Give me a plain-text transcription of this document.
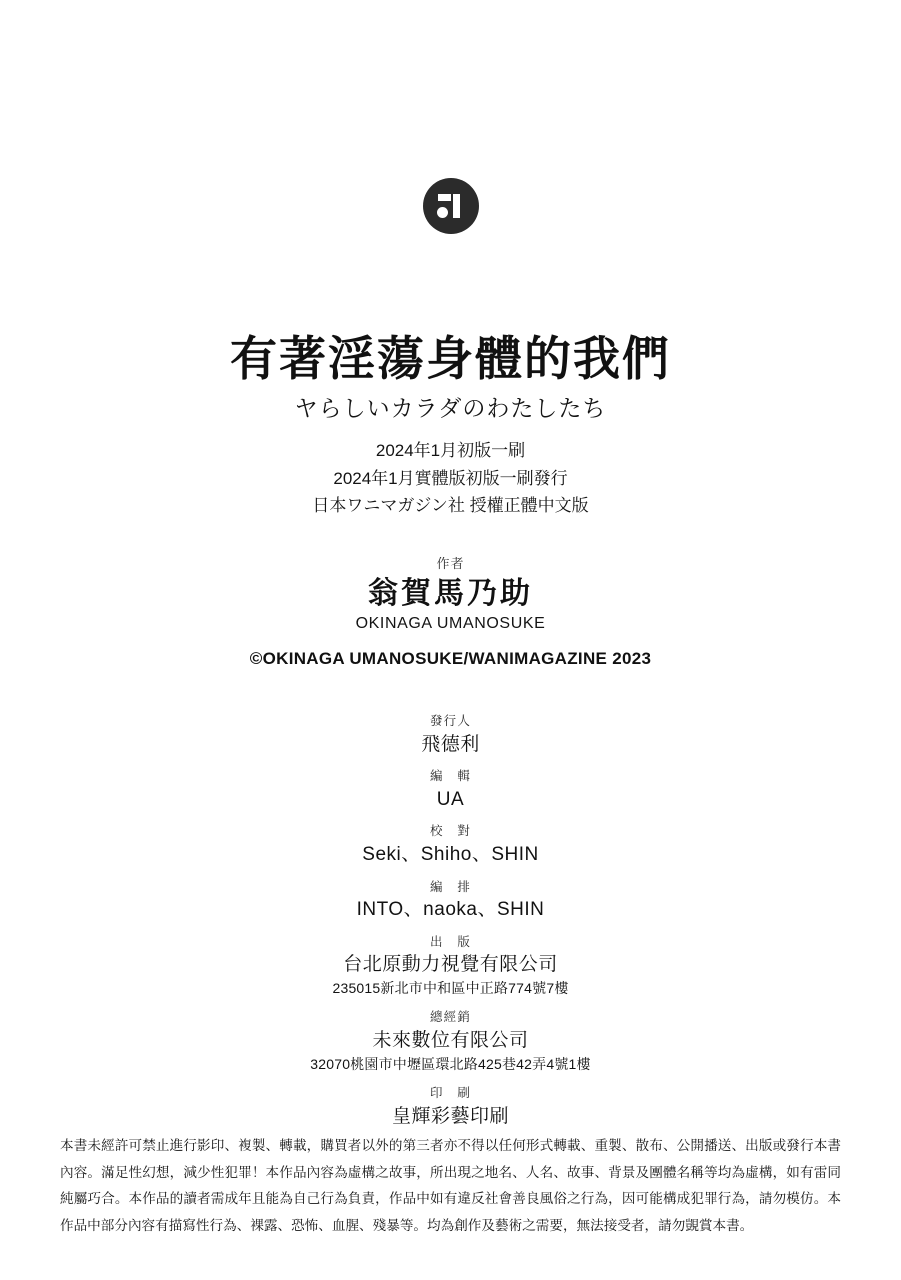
有著淫蕩身體的我們
ヤらしいカラダのわたしたち
2024年1月初版一刷
2024年1月實體版初版一刷發行
日本ワニマガジン社 授權正體中文版
作者
翁賀馬乃助
OKINAGA UMANOSUKE
©OKINAGA UMANOSUKE/WANIMAGAZINE 2023
發行人
飛德利
編　輯
UA
校　對
Seki、Shiho、SHIN
編　排
INTO、naoka、SHIN
出　版
台北原動力視覺有限公司
235015新北市中和區中正路774號7樓
總經銷
未來數位有限公司
32070桃園市中壢區環北路425巷42弄4號1樓
印　刷
皇輝彩藝印刷

本書未經許可禁止進行影印、複製、轉載，購買者以外的第三者亦不得以任何形式轉載、重製、散布、公開播送、出版或發行本書內容。滿足性幻想，減少性犯罪！本作品內容為虛構之故事，所出現之地名、人名、故事、背景及團體名稱等均為虛構，如有雷同純屬巧合。本作品的讀者需成年且能為自己行為負責，作品中如有違反社會善良風俗之行為，因可能構成犯罪行為，請勿模仿。本作品中部分內容有描寫性行為、裸露、恐怖、血腥、殘暴等。均為創作及藝術之需要，無法接受者，請勿覬賞本書。
